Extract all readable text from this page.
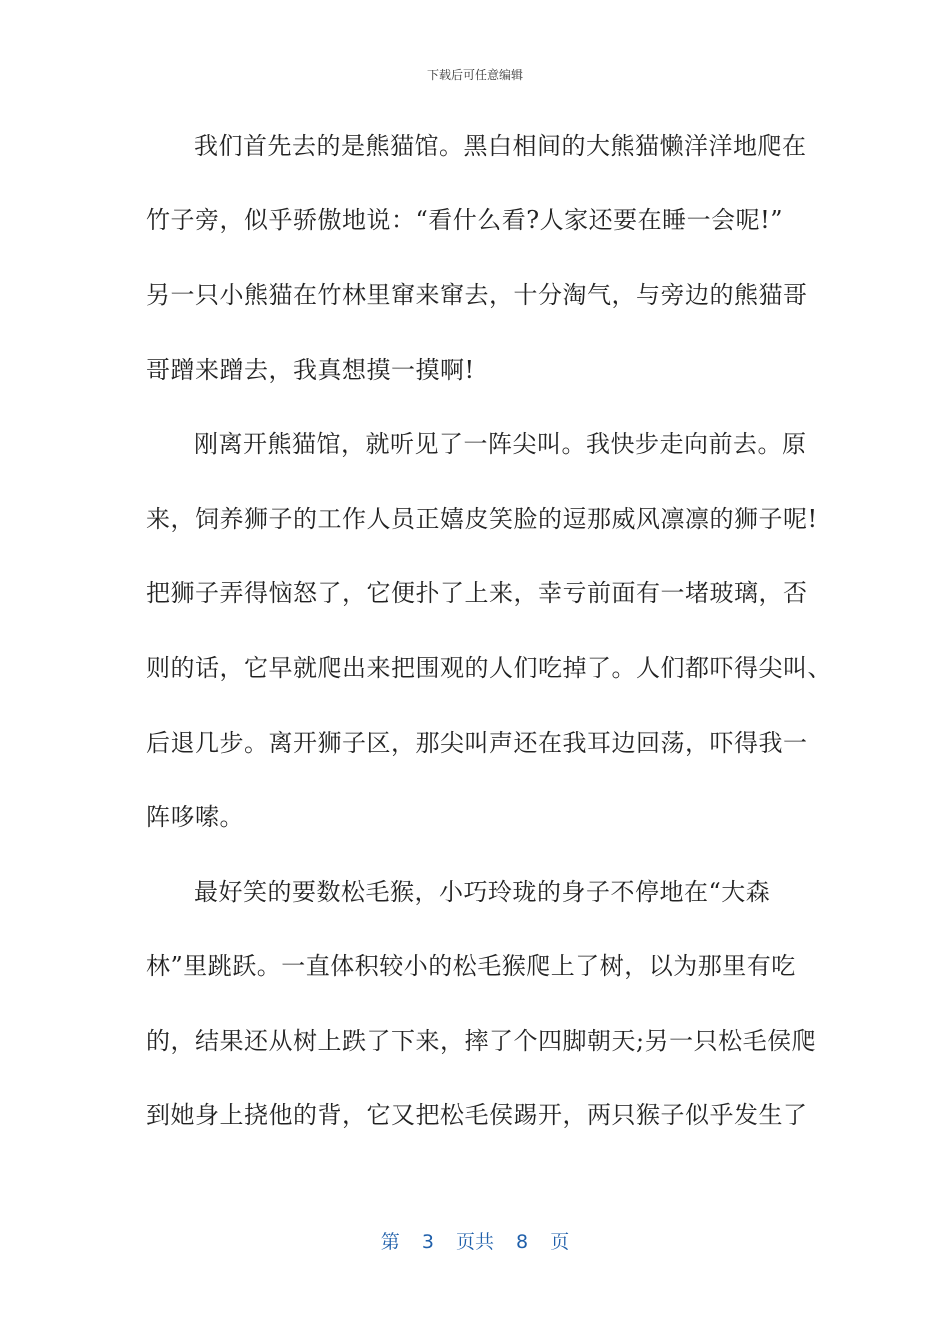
下载后可任意编辑
我们首先去的是熊猫馆。黑白相间的大熊猫懒洋洋地爬在
竹子旁，似乎骄傲地说：“看什么看?人家还要在睡一会呢!”
另一只小熊猫在竹林里窜来窜去，十分淘气，与旁边的熊猫哥
哥蹭来蹭去，我真想摸一摸啊!
刚离开熊猫馆，就听见了一阵尖叫。我快步走向前去。原
来，饲养狮子的工作人员正嬉皮笑脸的逗那威风凛凛的狮子呢!
把狮子弄得恼怒了，它便扑了上来，幸亏前面有一堵玻璃，否
则的话，它早就爬出来把围观的人们吃掉了。人们都吓得尖叫、
后退几步。离开狮子区，那尖叫声还在我耳边回荡，吓得我一
阵哆嗦。
最好笑的要数松毛猴，小巧玲珑的身子不停地在“大森
林”里跳跃。一直体积较小的松毛猴爬上了树，以为那里有吃
的，结果还从树上跌了下来，摔了个四脚朝天;另一只松毛侯爬
到她身上挠他的背，它又把松毛侯踢开，两只猴子似乎发生了
第 3 页共 8 页
